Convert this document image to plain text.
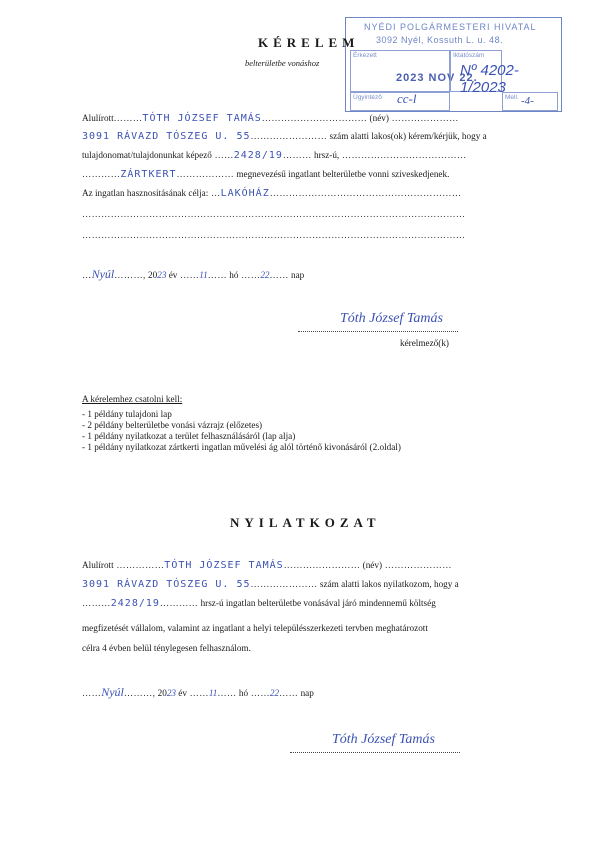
NYÉDI POLGÁRMESTERI HIVATAL
3092 Nyél, Kossuth L. u. 48.
Érkezett
2023 NOV 22.
Iktatószám
Nº 4202-1/2023
Ügyintéző cc-l	Mell. -4-
KÉRELEM
belterületbe vonáshoz
Alulírott………TÓTH JÓZSEF TAMÁS…………………………… (név) …………………
3091 RÁVAZD TÓSZEG U. 55…………………… szám alatti lakos(ok) kérem/kérjük, hogy a
tulajdonomat/tulajdonunkat képező ……2428/19……… hrsz-ú, …………………………………
…………ZÁRTKERT……………… megnevezésű ingatlant belterületbe vonni szíveskedjenek.
Az ingatlan hasznosításának célja: …LAKÓHÁZ……………………………………………………
…………………………………………………………………………………………………………
…………………………………………………………………………………………………………
…Nyúl………, 2023 év ……11…… hó ……22…… nap
Tóth József Tamás
kérelmező(k)
A kérelemhez csatolni kell:
- 1 példány tulajdoni lap
- 2 példány belterületbe vonási vázrajz (előzetes)
- 1 példány nyilatkozat a terület felhasználásáról (lap alja)
- 1 példány nyilatkozat zártkerti ingatlan művelési ág alól történő kivonásáról (2.oldal)
NYILATKOZAT
Alulírott ……………TÓTH JÓZSEF TAMÁS…………………… (név) …………………
3091 RÁVAZD TÓSZEG U. 55………………… szám alatti lakos nyilatkozom, hogy a
………2428/19………… hrsz-ú ingatlan belterületbe vonásával járó mindennemű költség
megfizetését vállalom, valamint az ingatlant a helyi településszerkezeti tervben meghatározott
célra 4 évben belül ténylegesen felhasználom.
……Nyúl………, 2023 év ……11…… hó ……22…… nap
Tóth József Tamás
